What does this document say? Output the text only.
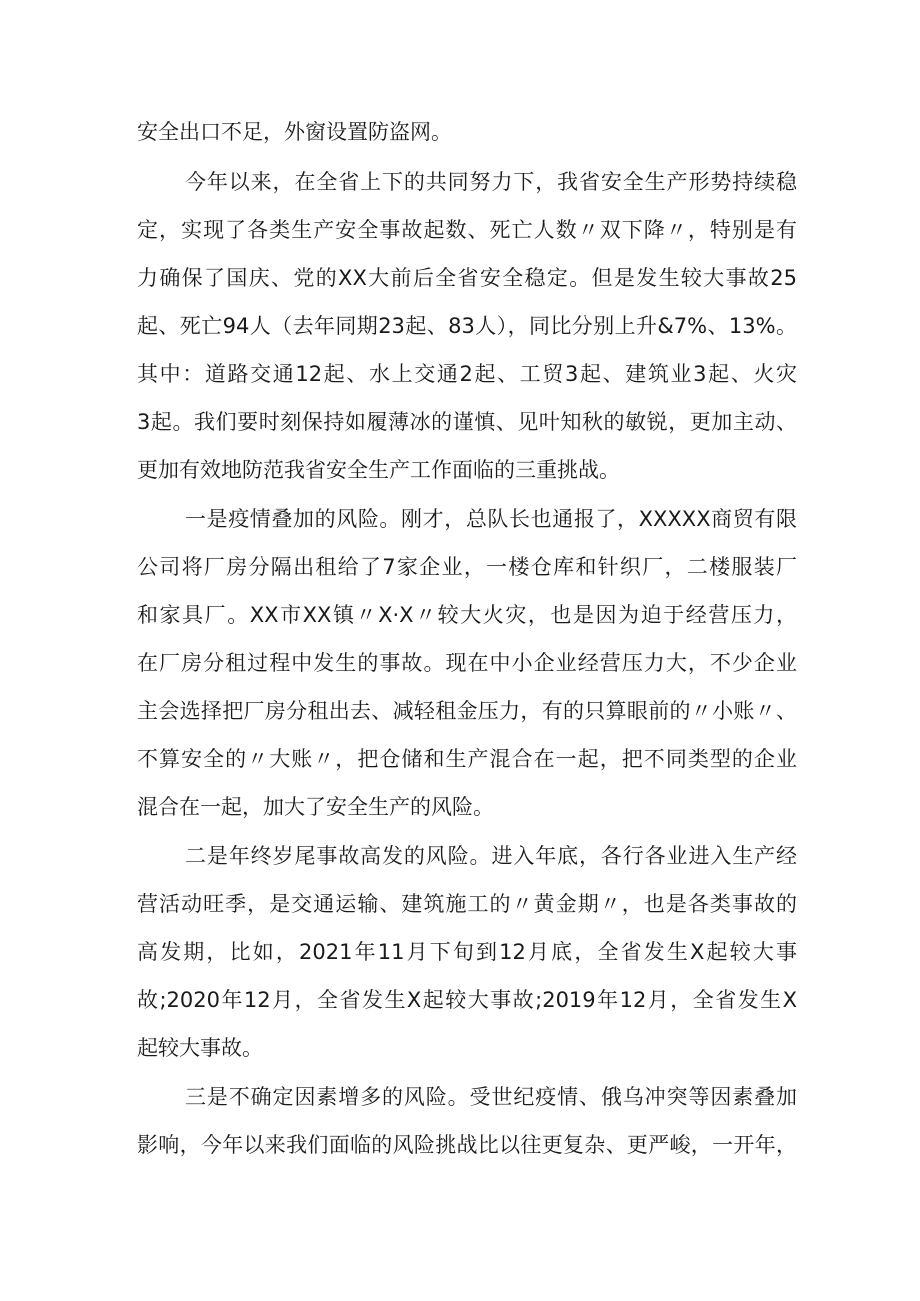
安全出口不足，外窗设置防盗网。
今年以来，在全省上下的共同努力下，我省安全生产形势持续稳
定，实现了各类生产安全事故起数、死亡人数〃双下降〃，特别是有
力确保了国庆、党的XX大前后全省安全稳定。但是发生较大事故25
起、死亡94人（去年同期23起、83人），同比分别上升&7%、13%。
其中：道路交通12起、水上交通2起、工贸3起、建筑业3起、火灾
3起。我们要时刻保持如履薄冰的谨慎、见叶知秋的敏锐，更加主动、
更加有效地防范我省安全生产工作面临的三重挑战。
一是疫情叠加的风险。刚才，总队长也通报了，XXXXX商贸有限
公司将厂房分隔出租给了7家企业，一楼仓库和针织厂，二楼服装厂
和家具厂。XX市XX镇〃X·X〃较大火灾，也是因为迫于经营压力，
在厂房分租过程中发生的事故。现在中小企业经营压力大，不少企业
主会选择把厂房分租出去、减轻租金压力，有的只算眼前的〃小账〃、
不算安全的〃大账〃，把仓储和生产混合在一起，把不同类型的企业
混合在一起，加大了安全生产的风险。
二是年终岁尾事故高发的风险。进入年底，各行各业进入生产经
营活动旺季，是交通运输、建筑施工的〃黄金期〃，也是各类事故的
高发期，比如，2021年11月下旬到12月底，全省发生X起较大事
故;2020年12月，全省发生X起较大事故;2019年12月，全省发生X
起较大事故。
三是不确定因素增多的风险。受世纪疫情、俄乌冲突等因素叠加
影响，今年以来我们面临的风险挑战比以往更复杂、更严峻，一开年，
